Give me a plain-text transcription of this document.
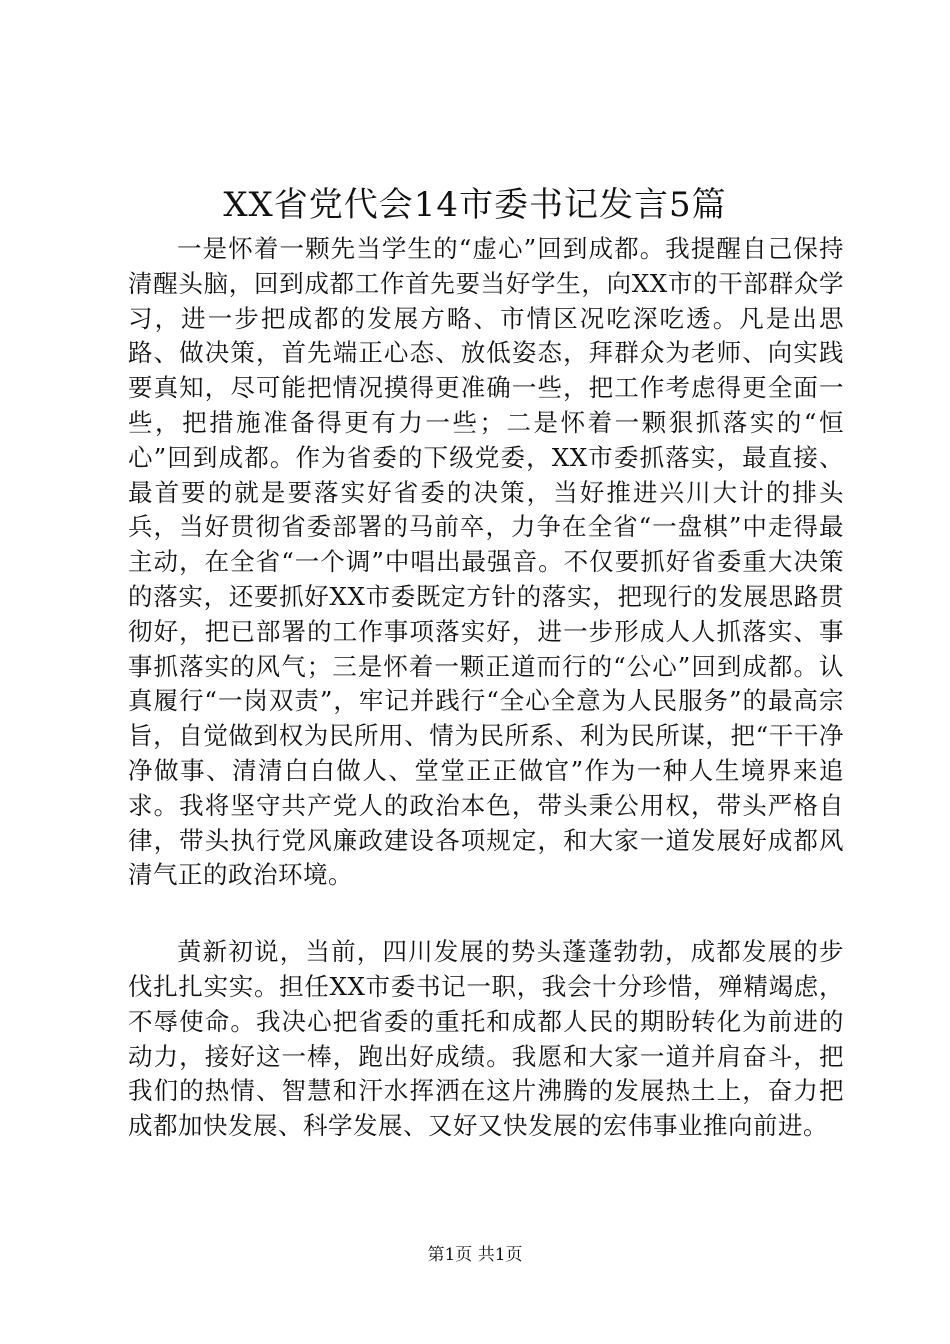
XX省党代会14市委书记发言5篇

一是怀着一颗先当学生的“虚心”回到成都。我提醒自己保持清醒头脑，回到成都工作首先要当好学生，向XX市的干部群众学习，进一步把成都的发展方略、市情区况吃深吃透。凡是出思路、做决策，首先端正心态、放低姿态，拜群众为老师、向实践要真知，尽可能把情况摸得更准确一些，把工作考虑得更全面一些，把措施准备得更有力一些；二是怀着一颗狠抓落实的“恒心”回到成都。作为省委的下级党委，XX市委抓落实，最直接、最首要的就是要落实好省委的决策，当好推进兴川大计的排头兵，当好贯彻省委部署的马前卒，力争在全省“一盘棋”中走得最主动，在全省“一个调”中唱出最强音。不仅要抓好省委重大决策的落实，还要抓好XX市委既定方针的落实，把现行的发展思路贯彻好，把已部署的工作事项落实好，进一步形成人人抓落实、事事抓落实的风气；三是怀着一颗正道而行的“公心”回到成都。认真履行“一岗双责”，牢记并践行“全心全意为人民服务”的最高宗旨，自觉做到权为民所用、情为民所系、利为民所谋，把“干干净净做事、清清白白做人、堂堂正正做官”作为一种人生境界来追求。我将坚守共产党人的政治本色，带头秉公用权，带头严格自律，带头执行党风廉政建设各项规定，和大家一道发展好成都风清气正的政治环境。

黄新初说，当前，四川发展的势头蓬蓬勃勃，成都发展的步伐扎扎实实。担任XX市委书记一职，我会十分珍惜，殚精竭虑，不辱使命。我决心把省委的重托和成都人民的期盼转化为前进的动力，接好这一棒，跑出好成绩。我愿和大家一道并肩奋斗，把我们的热情、智慧和汗水挥洒在这片沸腾的发展热土上，奋力把成都加快发展、科学发展、又好又快发展的宏伟事业推向前进。

第1页 共1页
